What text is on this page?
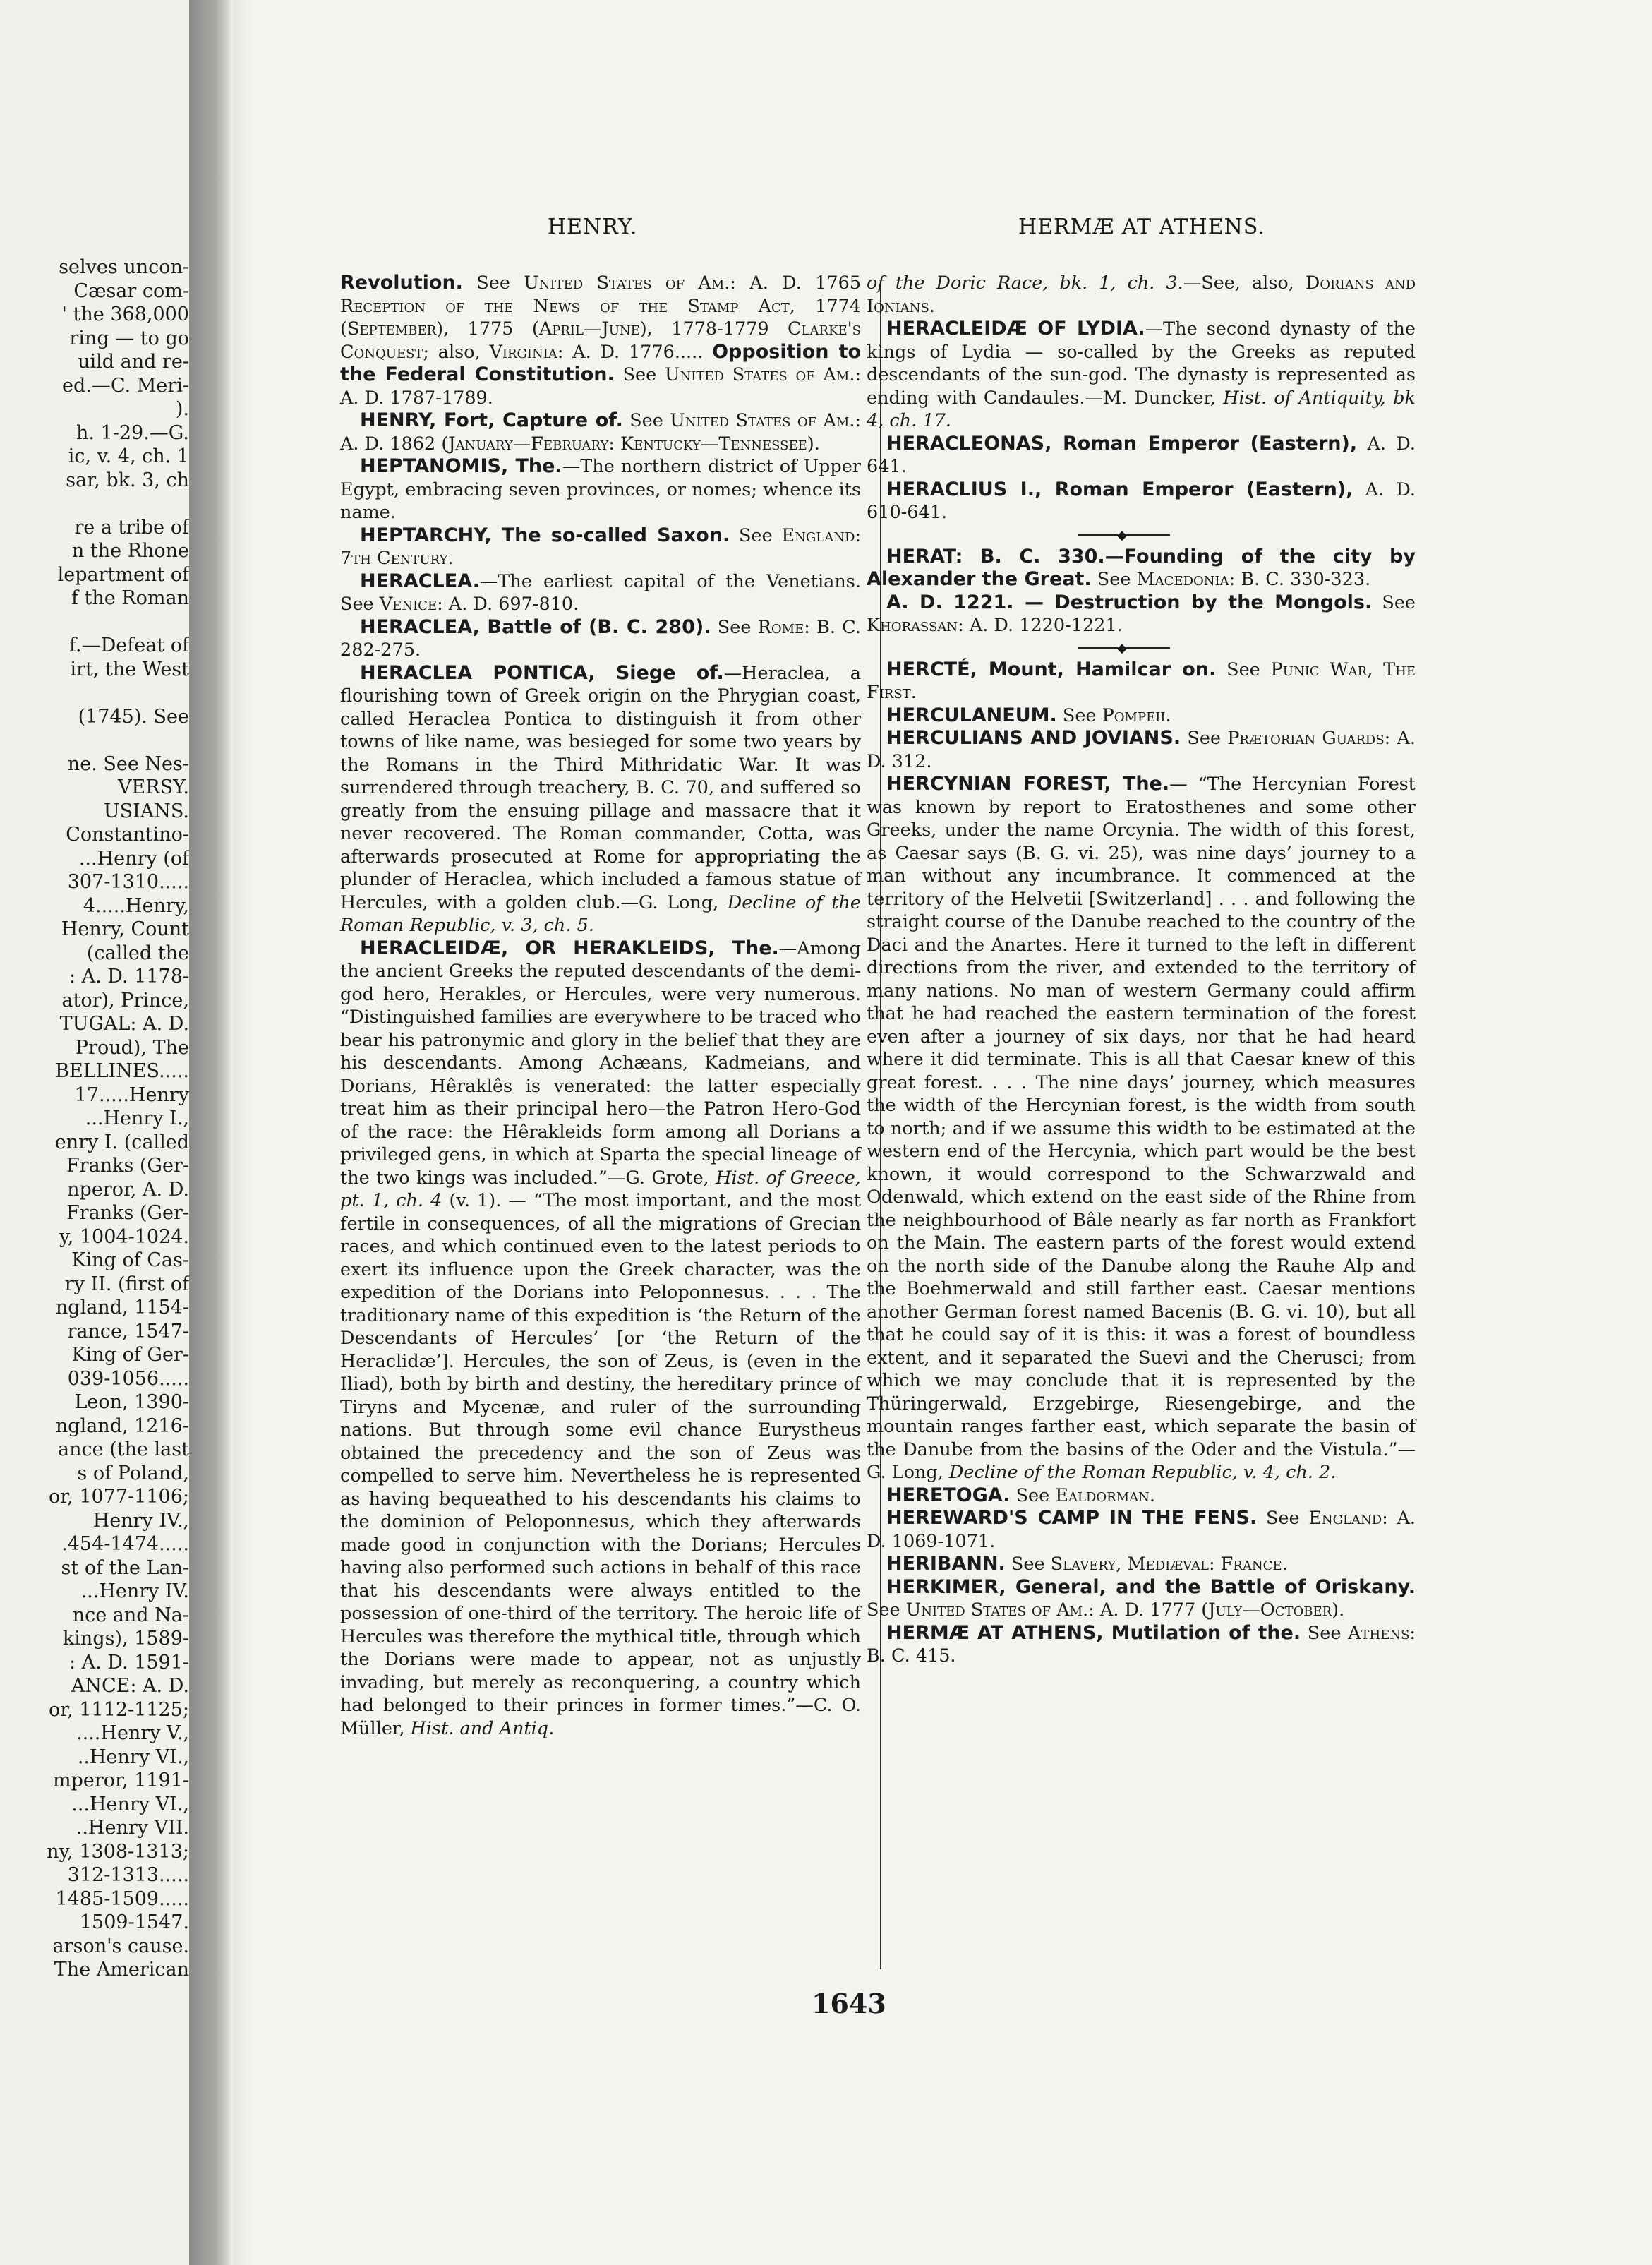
selves uncon-
Cæsar com-
' the 368,000
ring — to go
uild and re-
ed.—C. Meri-
).
h. 1-29.—G.
ic, v. 4, ch. 1
sar, bk. 3, ch
re a tribe of
n the Rhone
lepartment of
f the Roman
f.—Defeat of
irt, the West
(1745). See
ne. See Nes-
VERSY.
USIANS.
Constantino-
...Henry (of
307-1310.....
4.....Henry,
Henry, Count
(called the
: A. D. 1178-
ator), Prince,
TUGAL: A. D.
Proud), The
BELLINES.....
17.....Henry
...Henry I.,
enry I. (called
Franks (Ger-
nperor, A. D.
Franks (Ger-
y, 1004-1024.
King of Cas-
ry II. (first of
ngland, 1154-
rance, 1547-
King of Ger-
039-1056.....
Leon, 1390-
ngland, 1216-
ance (the last
s of Poland,
or, 1077-1106;
Henry IV.,
.454-1474.....
st of the Lan-
...Henry IV.
nce and Na-
kings), 1589-
: A. D. 1591-
ANCE: A. D.
or, 1112-1125;
....Henry V.,
..Henry VI.,
mperor, 1191-
...Henry VI.,
..Henry VII.
ny, 1308-1313;
312-1313.....
1485-1509.....
1509-1547.
arson's cause.
The American
HENRY.	HERMÆ AT ATHENS.

Revolution. See United States of Am.: A. D. 1765 Reception of the News of the Stamp Act, 1774 (September), 1775 (April—June), 1778-1779 Clarke's Conquest; also, Virginia: A. D. 1776..... Opposition to the Federal Constitution. See United States of Am.: A. D. 1787-1789.

HENRY, Fort, Capture of. See United States of Am.: A. D. 1862 (January—February: Kentucky—Tennessee).

HEPTANOMIS, The.—The northern district of Upper Egypt, embracing seven provinces, or nomes; whence its name.

HEPTARCHY, The so-called Saxon. See England: 7th Century.

HERACLEA.—The earliest capital of the Venetians. See Venice: A. D. 697-810.

HERACLEA, Battle of (B. C. 280). See Rome: B. C. 282-275.

HERACLEA PONTICA, Siege of.—Heraclea, a flourishing town of Greek origin on the Phrygian coast, called Heraclea Pontica to distinguish it from other towns of like name, was besieged for some two years by the Romans in the Third Mithridatic War. It was surrendered through treachery, B. C. 70, and suffered so greatly from the ensuing pillage and massacre that it never recovered. The Roman commander, Cotta, was afterwards prosecuted at Rome for appropriating the plunder of Heraclea, which included a famous statue of Hercules, with a golden club.—G. Long, Decline of the Roman Republic, v. 3, ch. 5.

HERACLEIDÆ, OR HERAKLEIDS, The.—Among the ancient Greeks the reputed descendants of the demi-god hero, Herakles, or Hercules, were very numerous. “Distinguished families are everywhere to be traced who bear his patronymic and glory in the belief that they are his descendants. Among Achæans, Kadmeians, and Dorians, Hêraklês is venerated: the latter especially treat him as their principal hero—the Patron Hero-God of the race: the Hêrakleids form among all Dorians a privileged gens, in which at Sparta the special lineage of the two kings was included.”—G. Grote, Hist. of Greece, pt. 1, ch. 4 (v. 1). — “The most important, and the most fertile in consequences, of all the migrations of Grecian races, and which continued even to the latest periods to exert its influence upon the Greek character, was the expedition of the Dorians into Peloponnesus. . . . The traditionary name of this expedition is ‘the Return of the Descendants of Hercules’ [or ‘the Return of the Heraclidæ’]. Hercules, the son of Zeus, is (even in the Iliad), both by birth and destiny, the hereditary prince of Tiryns and Mycenæ, and ruler of the surrounding nations. But through some evil chance Eurystheus obtained the precedency and the son of Zeus was compelled to serve him. Nevertheless he is represented as having bequeathed to his descendants his claims to the dominion of Peloponnesus, which they afterwards made good in conjunction with the Dorians; Hercules having also performed such actions in behalf of this race that his descendants were always entitled to the possession of one-third of the territory. The heroic life of Hercules was therefore the mythical title, through which the Dorians were made to appear, not as unjustly invading, but merely as reconquering, a country which had belonged to their princes in former times.”—C. O. Müller, Hist. and Antiq.

of the Doric Race, bk. 1, ch. 3.—See, also, Dorians and Ionians.

HERACLEIDÆ OF LYDIA.—The second dynasty of the kings of Lydia — so-called by the Greeks as reputed descendants of the sun-god. The dynasty is represented as ending with Candaules.—M. Duncker, Hist. of Antiquity, bk 4, ch. 17.

HERACLEONAS, Roman Emperor (Eastern), A. D. 641.

HERACLIUS I., Roman Emperor (Eastern), A. D. 610-641.

◆

HERAT: B. C. 330.—Founding of the city by Alexander the Great. See Macedonia: B. C. 330-323.

A. D. 1221. — Destruction by the Mongols. See Khorassan: A. D. 1220-1221.

◆

HERCTÉ, Mount, Hamilcar on. See Punic War, The First.

HERCULANEUM. See Pompeii.

HERCULIANS AND JOVIANS. See Prætorian Guards: A. D. 312.

HERCYNIAN FOREST, The.— “The Hercynian Forest was known by report to Eratosthenes and some other Greeks, under the name Orcynia. The width of this forest, as Caesar says (B. G. vi. 25), was nine days’ journey to a man without any incumbrance. It commenced at the territory of the Helvetii [Switzerland] . . . and following the straight course of the Danube reached to the country of the Daci and the Anartes. Here it turned to the left in different directions from the river, and extended to the territory of many nations. No man of western Germany could affirm that he had reached the eastern termination of the forest even after a journey of six days, nor that he had heard where it did terminate. This is all that Caesar knew of this great forest. . . . The nine days’ journey, which measures the width of the Hercynian forest, is the width from south to north; and if we assume this width to be estimated at the western end of the Hercynia, which part would be the best known, it would correspond to the Schwarzwald and Odenwald, which extend on the east side of the Rhine from the neighbourhood of Bâle nearly as far north as Frankfort on the Main. The eastern parts of the forest would extend on the north side of the Danube along the Rauhe Alp and the Boehmerwald and still farther east. Caesar mentions another German forest named Bacenis (B. G. vi. 10), but all that he could say of it is this: it was a forest of boundless extent, and it separated the Suevi and the Cherusci; from which we may conclude that it is represented by the Thüringerwald, Erzgebirge, Riesengebirge, and the mountain ranges farther east, which separate the basin of the Danube from the basins of the Oder and the Vistula.”—G. Long, Decline of the Roman Republic, v. 4, ch. 2.

HERETOGA. See Ealdorman.

HEREWARD'S CAMP IN THE FENS. See England: A. D. 1069-1071.

HERIBANN. See Slavery, Mediæval: France.

HERKIMER, General, and the Battle of Oriskany. See United States of Am.: A. D. 1777 (July—October).

HERMÆ AT ATHENS, Mutilation of the. See Athens: B. C. 415.

1643
